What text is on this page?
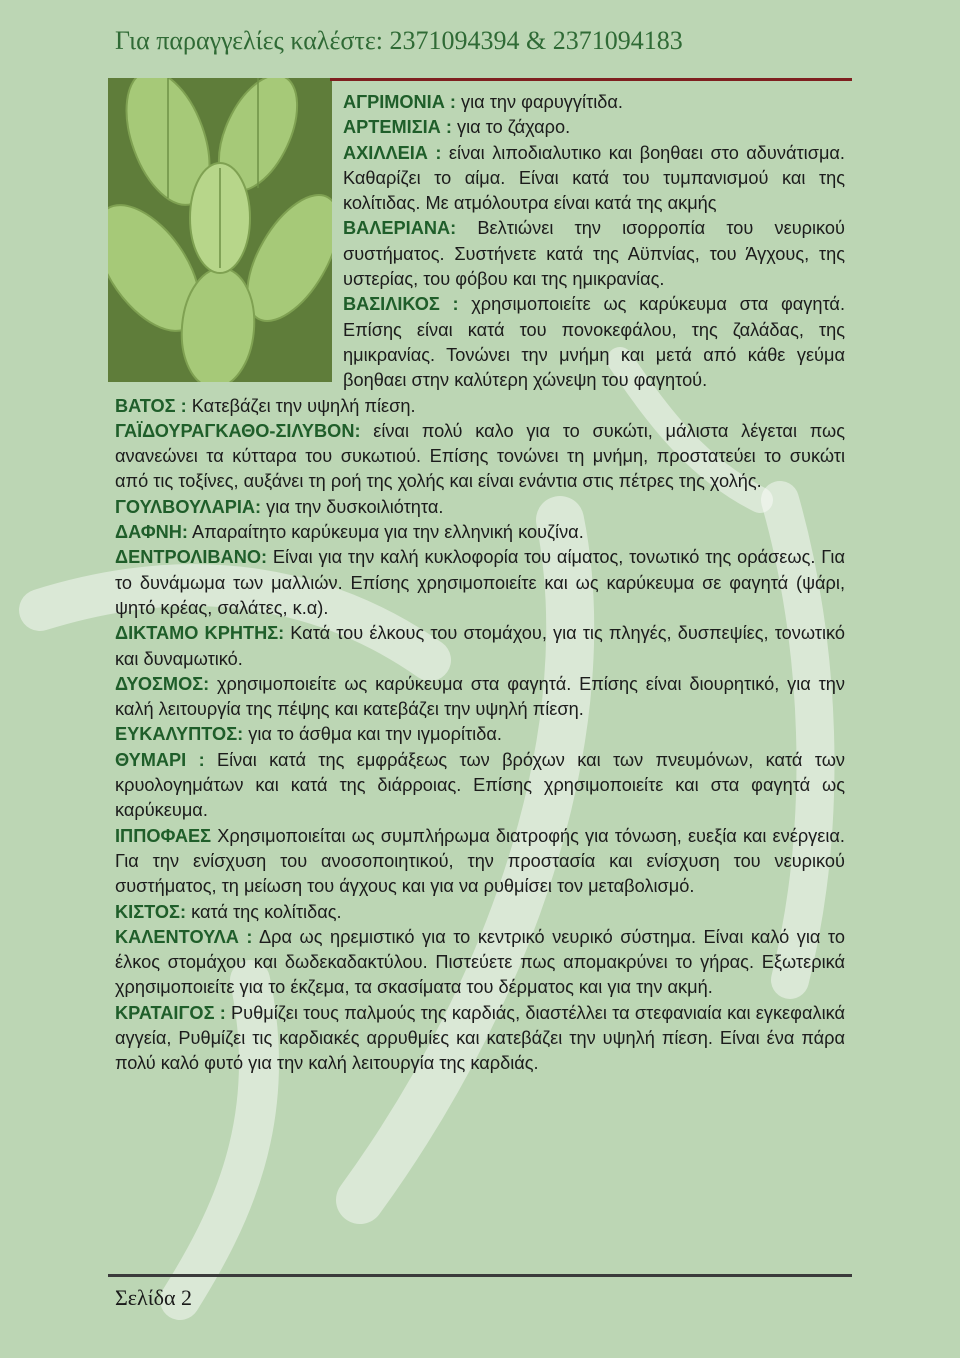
Για παραγγελίες καλέστε: 2371094394 & 2371094183

ΑΓΡΙΜΟΝΙΑ : για την φαρυγγίτιδα.

ΑΡΤΕΜΙΣΙΑ : για το ζάχαρο.

ΑΧΙΛΛΕΙΑ : είναι λιποδιαλυτικο και βοηθαει στο αδυνάτισμα. Καθαρίζει το αίμα. Είναι κατά του τυμπανισμού και της κολίτιδας. Με ατμόλουτρα είναι κατά της ακμής

ΒΑΛΕΡΙΑΝΑ: Βελτιώνει την ισορροπία του νευρικού συστήματος. Συστήνετε κατά της Αϋπνίας, του Άγχους, της υστερίας, του φόβου και της ημικρανίας.

ΒΑΣΙΛΙΚΟΣ : χρησιμοποιείτε ως καρύκευμα στα φαγητά. Επίσης είναι κατά του πονοκεφάλου, της ζαλάδας, της ημικρανίας. Τονώνει την μνήμη και μετά από κάθε γεύμα βοηθαει στην καλύτερη χώνεψη του φαγητού.

ΒΑΤΟΣ : Κατεβάζει την υψηλή πίεση.

ΓΑΪΔΟΥΡΑΓΚΑΘΟ-ΣΙΛΥΒΟΝ: είναι πολύ καλο για το συκώτι, μάλιστα λέγεται πως ανανεώνει τα κύτταρα του συκωτιού. Επίσης τονώνει τη μνήμη, προστατεύει το συκώτι από τις τοξίνες, αυξάνει τη ροή της χολής και είναι ενάντια στις πέτρες της χολής.

ΓΟΥΛΒΟΥΛΑΡΙΑ: για την δυσκοιλιότητα.

ΔΑΦΝΗ: Απαραίτητο καρύκευμα για την ελληνική κουζίνα.

ΔΕΝΤΡΟΛΙΒΑΝΟ: Είναι για την καλή κυκλοφορία του αίματος, τονωτικό της οράσεως. Για το δυνάμωμα των μαλλιών. Επίσης χρησιμοποιείτε και ως καρύκευμα σε φαγητά (ψάρι, ψητό κρέας, σαλάτες, κ.α).

ΔΙΚΤΑΜΟ ΚΡΗΤΗΣ: Κατά του έλκους του στομάχου, για τις πληγές, δυσπεψίες, τονωτικό και δυναμωτικό.

ΔΥΟΣΜΟΣ: χρησιμοποιείτε ως καρύκευμα στα φαγητά. Επίσης είναι διουρητικό, για την καλή λειτουργία της πέψης και κατεβάζει την υψηλή πίεση.

ΕΥΚΑΛΥΠΤΟΣ: για το άσθμα και την ιγμορίτιδα.

ΘΥΜΑΡΙ : Είναι κατά της εμφράξεως των βρόχων και των πνευμόνων, κατά των κρυολογημάτων και κατά της διάρροιας. Επίσης χρησιμοποιείτε και στα φαγητά ως καρύκευμα.

ΙΠΠΟΦΑΕΣ Χρησιμοποιείται ως συμπλήρωμα διατροφής για τόνωση, ευεξία και ενέργεια. Για την ενίσχυση του ανοσοποιητικού, την προστασία και ενίσχυση του νευρικού συστήματος, τη μείωση του άγχους και για να ρυθμίσει τον μεταβολισμό.

ΚΙΣΤΟΣ: κατά της κολίτιδας.

ΚΑΛΕΝΤΟΥΛΑ : Δρα ως ηρεμιστικό για το κεντρικό νευρικό σύστημα. Είναι καλό για το έλκος στομάχου και δωδεκαδακτύλου. Πιστεύετε πως απομακρύνει το γήρας. Εξωτερικά χρησιμοποιείτε για το έκζεμα, τα σκασίματα του δέρματος και για την ακμή.

ΚΡΑΤΑΙΓΟΣ : Ρυθμίζει τους παλμούς της καρδιάς, διαστέλλει τα στεφανιαία και εγκεφαλικά αγγεία, Ρυθμίζει τις καρδιακές αρρυθμίες και κατεβάζει την υψηλή πίεση. Είναι ένα πάρα πολύ καλό φυτό για την καλή λειτουργία της καρδιάς.

Σελίδα 2
